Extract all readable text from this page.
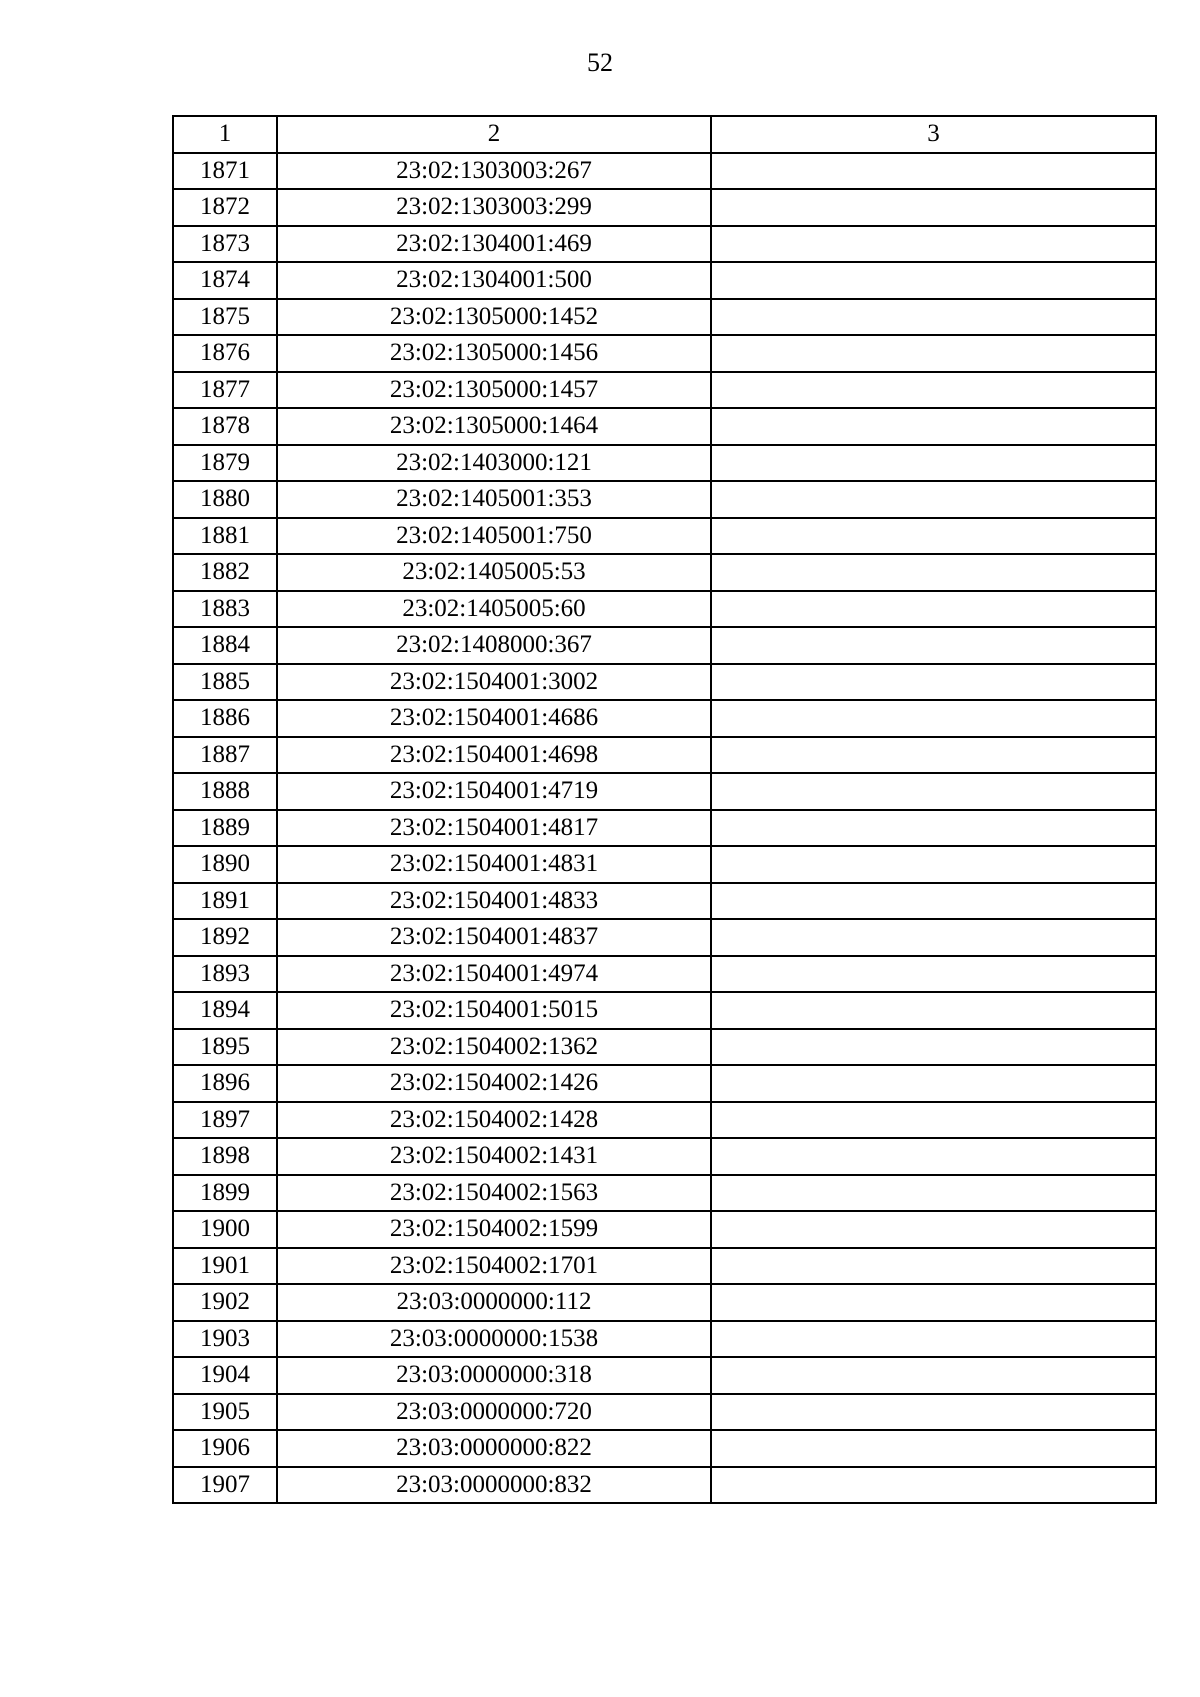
52
1	2	3
1871	23:02:1303003:267	
1872	23:02:1303003:299	
1873	23:02:1304001:469	
1874	23:02:1304001:500	
1875	23:02:1305000:1452	
1876	23:02:1305000:1456	
1877	23:02:1305000:1457	
1878	23:02:1305000:1464	
1879	23:02:1403000:121	
1880	23:02:1405001:353	
1881	23:02:1405001:750	
1882	23:02:1405005:53	
1883	23:02:1405005:60	
1884	23:02:1408000:367	
1885	23:02:1504001:3002	
1886	23:02:1504001:4686	
1887	23:02:1504001:4698	
1888	23:02:1504001:4719	
1889	23:02:1504001:4817	
1890	23:02:1504001:4831	
1891	23:02:1504001:4833	
1892	23:02:1504001:4837	
1893	23:02:1504001:4974	
1894	23:02:1504001:5015	
1895	23:02:1504002:1362	
1896	23:02:1504002:1426	
1897	23:02:1504002:1428	
1898	23:02:1504002:1431	
1899	23:02:1504002:1563	
1900	23:02:1504002:1599	
1901	23:02:1504002:1701	
1902	23:03:0000000:112	
1903	23:03:0000000:1538	
1904	23:03:0000000:318	
1905	23:03:0000000:720	
1906	23:03:0000000:822	
1907	23:03:0000000:832	
